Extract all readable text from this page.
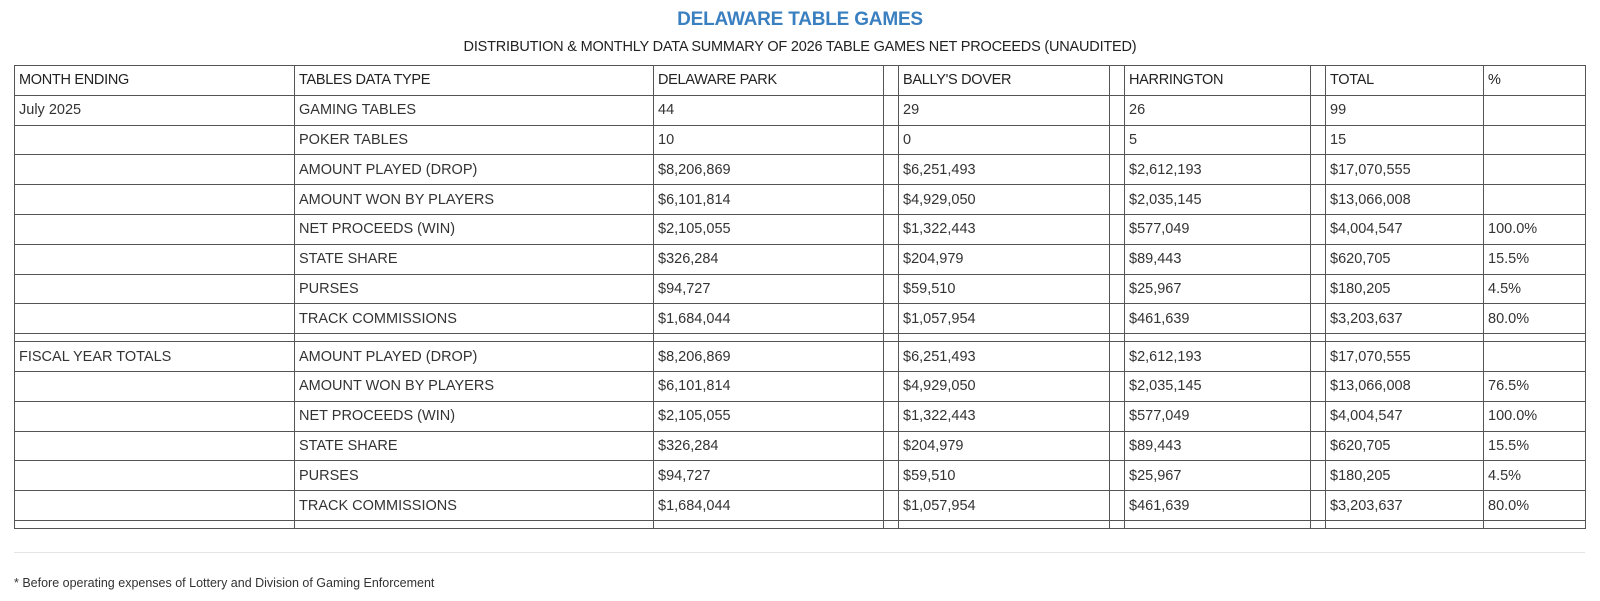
DELAWARE TABLE GAMES
DISTRIBUTION & MONTHLY DATA SUMMARY OF 2026 TABLE GAMES NET PROCEEDS (UNAUDITED)
MONTH ENDING	TABLES DATA TYPE	DELAWARE PARK		BALLY'S DOVER		HARRINGTON		TOTAL	%
July 2025	GAMING TABLES	44		29		26		99	
	POKER TABLES	10		0		5		15	
	AMOUNT PLAYED (DROP)	$8,206,869		$6,251,493		$2,612,193		$17,070,555	
	AMOUNT WON BY PLAYERS	$6,101,814		$4,929,050		$2,035,145		$13,066,008	
	NET PROCEEDS (WIN)	$2,105,055		$1,322,443		$577,049		$4,004,547	100.0%
	STATE SHARE	$326,284		$204,979		$89,443		$620,705	15.5%
	PURSES	$94,727		$59,510		$25,967		$180,205	4.5%
	TRACK COMMISSIONS	$1,684,044		$1,057,954		$461,639		$3,203,637	80.0%

FISCAL YEAR TOTALS	AMOUNT PLAYED (DROP)	$8,206,869		$6,251,493		$2,612,193		$17,070,555	
	AMOUNT WON BY PLAYERS	$6,101,814		$4,929,050		$2,035,145		$13,066,008	76.5%
	NET PROCEEDS (WIN)	$2,105,055		$1,322,443		$577,049		$4,004,547	100.0%
	STATE SHARE	$326,284		$204,979		$89,443		$620,705	15.5%
	PURSES	$94,727		$59,510		$25,967		$180,205	4.5%
	TRACK COMMISSIONS	$1,684,044		$1,057,954		$461,639		$3,203,637	80.0%

* Before operating expenses of Lottery and Division of Gaming Enforcement
